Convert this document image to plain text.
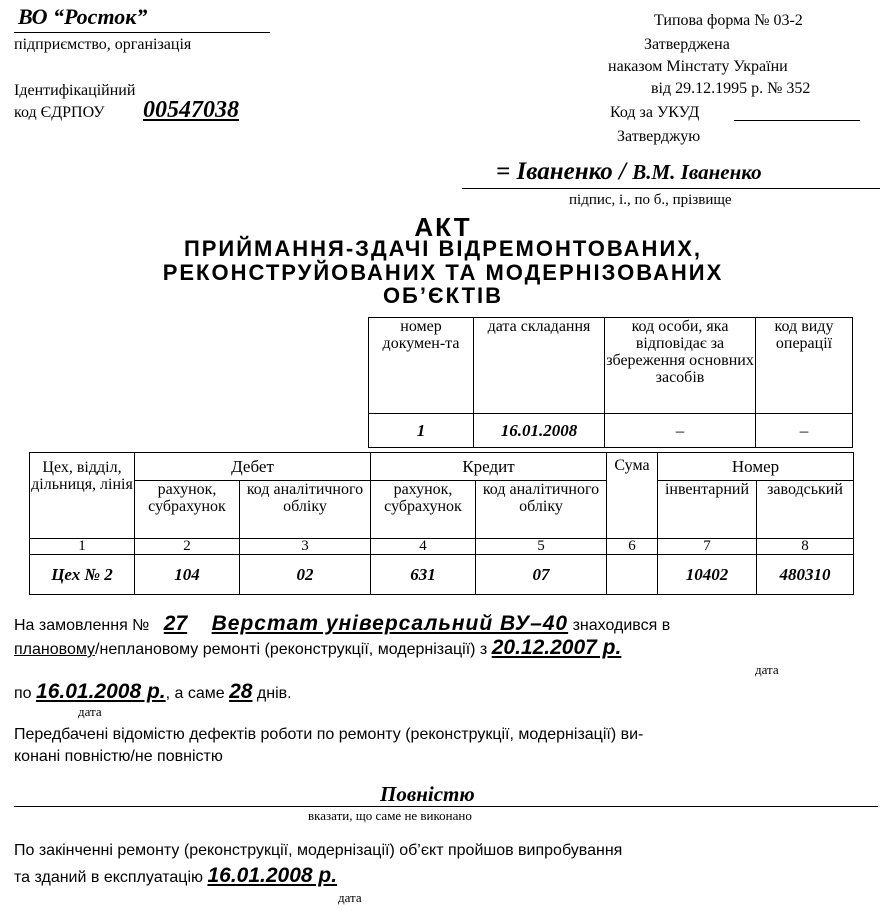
ВО “Росток”
підприємство, організація
Ідентифікаційний
код ЄДРПОУ 00547038
Типова форма № 03-2
Затверджена
наказом Мінстату України
від 29.12.1995 р. № 352
Код за УКУД
Затверджую
= Іваненко / В.М. Іваненко
підпис, і., по б., прізвище
АКТ
ПРИЙМАННЯ-ЗДАЧІ ВІДРЕМОНТОВАНИХ,
РЕКОНСТРУЙОВАНИХ ТА МОДЕРНІЗОВАНИХ
ОБ’ЄКТІВ
номер докумен-та	дата складання	код особи, яка відповідає за збереження основних засобів	код виду операції
1	16.01.2008	–	–
Цех, відділ, дільниця, лінія	Дебет		Кредит		Сума	Номер	
	рахунок, субрахунок	код аналітичного обліку	рахунок, субрахунок	код аналітичного обліку		інвентарний	заводський
1	2	3	4	5	6	7	8
Цех № 2	104	02	631	07		10402	480310
На замовлення № 27 Верстат універсальний ВУ–40 знаходився в
плановому/неплановому ремонті (реконструкції, модернізації) з 20.12.2007 р.
дата
по 16.01.2008 р., а саме 28 днів.
дата
Передбачені відомістю дефектів роботи по ремонту (реконструкції, модернізації) ви-
конані повністю/не повністю
Повністю
вказати, що саме не виконано
По закінченні ремонту (реконструкції, модернізації) об’єкт пройшов випробування
та зданий в експлуатацію 16.01.2008 р.
дата
